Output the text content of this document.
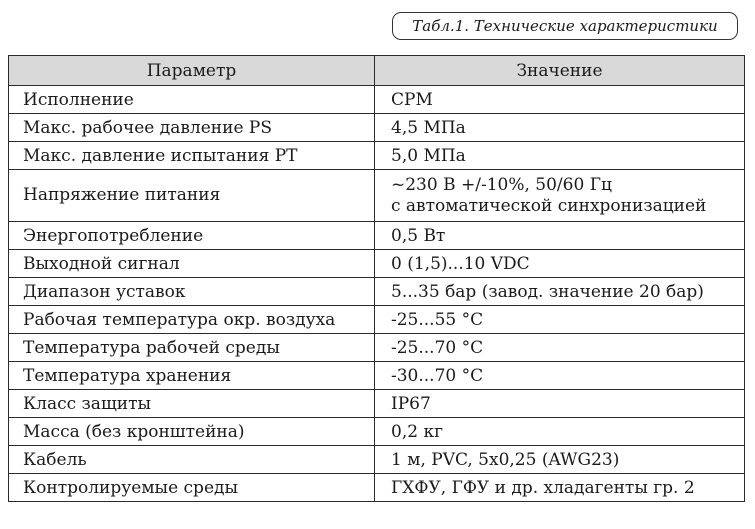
Табл.1. Технические характеристики
Параметр	Значение
Исполнение	CPM
Макс. рабочее давление PS	4,5 МПа
Макс. давление испытания PT	5,0 МПа
Напряжение питания	~230 В +/-10%, 50/60 Гц
с автоматической синхронизацией

Энергопотребление	0,5 Вт
Выходной сигнал	0 (1,5)...10 VDC
Диапазон уставок	5...35 бар (завод. значение 20 бар)
Рабочая температура окр. воздуха	-25...55 °C
Температура рабочей среды	-25...70 °C
Температура хранения	-30...70 °C
Класс защиты	IP67
Масса (без кронштейна)	0,2 кг
Кабель	1 м, PVC, 5x0,25 (AWG23)
Контролируемые среды	ГХФУ, ГФУ и др. хладагенты гр. 2
